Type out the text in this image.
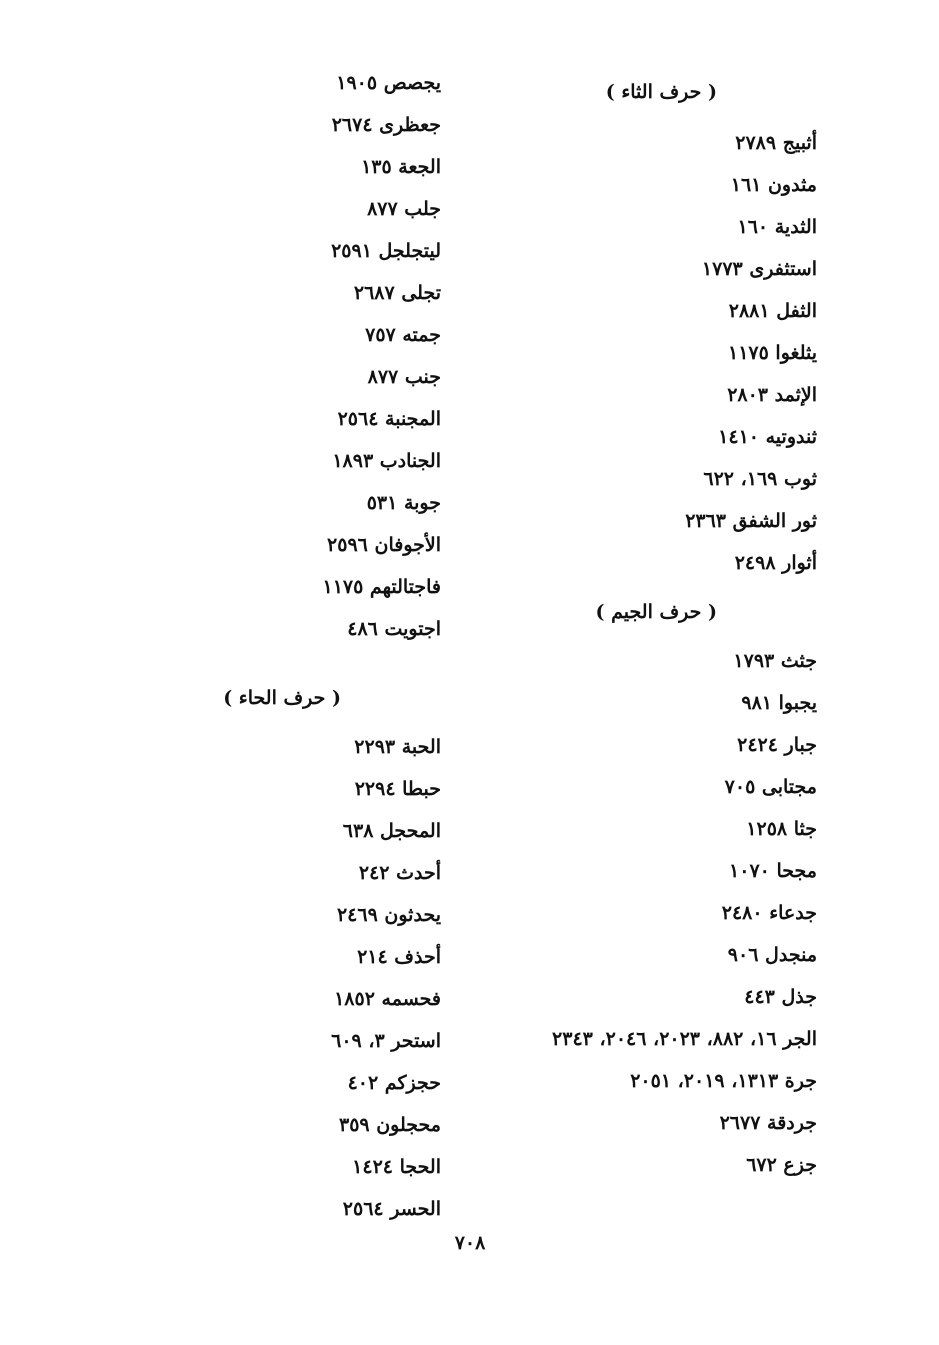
( حرف الثاء )
أثبيج ٢٧٨٩
مثدون ١٦١
الثدية ١٦٠
استثفرى ١٧٧٣
الثفل ٢٨٨١
يثلغوا ١١٧٥
الإثمد ٢٨٠٣
ثندوتيه ١٤١٠
ثوب ١٦٩، ٦٢٢
ثور الشفق ٢٣٦٣
أثوار ٢٤٩٨
( حرف الجيم )
جثث ١٧٩٣
يجبوا ٩٨١
جبار ٢٤٢٤
مجتابى ٧٠٥
جثا ١٢٥٨
مجحا ١٠٧٠
جدعاء ٢٤٨٠
منجدل ٩٠٦
جذل ٤٤٣
الجر ١٦، ٨٨٢، ٢٠٢٣، ٢٠٤٦، ٢٣٤٣
جرة ١٣١٣، ٢٠١٩، ٢٠٥١
جردقة ٢٦٧٧
جزع ٦٧٢
يجصص ١٩٠٥
جعظرى ٢٦٧٤
الجعة ١٣٥
جلب ٨٧٧
ليتجلجل ٢٥٩١
تجلى ٢٦٨٧
جمته ٧٥٧
جنب ٨٧٧
المجنبة ٢٥٦٤
الجنادب ١٨٩٣
جوبة ٥٣١
الأجوفان ٢٥٩٦
فاجتالتهم ١١٧٥
اجتويت ٤٨٦
( حرف الحاء )
الحبة ٢٢٩٣
حبطا ٢٢٩٤
المحجل ٦٣٨
أحدث ٢٤٢
يحدثون ٢٤٦٩
أحذف ٢١٤
فحسمه ١٨٥٢
استحر ٣، ٦٠٩
حجزكم ٤٠٢
محجلون ٣٥٩
الحجا ١٤٢٤
الحسر ٢٥٦٤
٧٠٨
